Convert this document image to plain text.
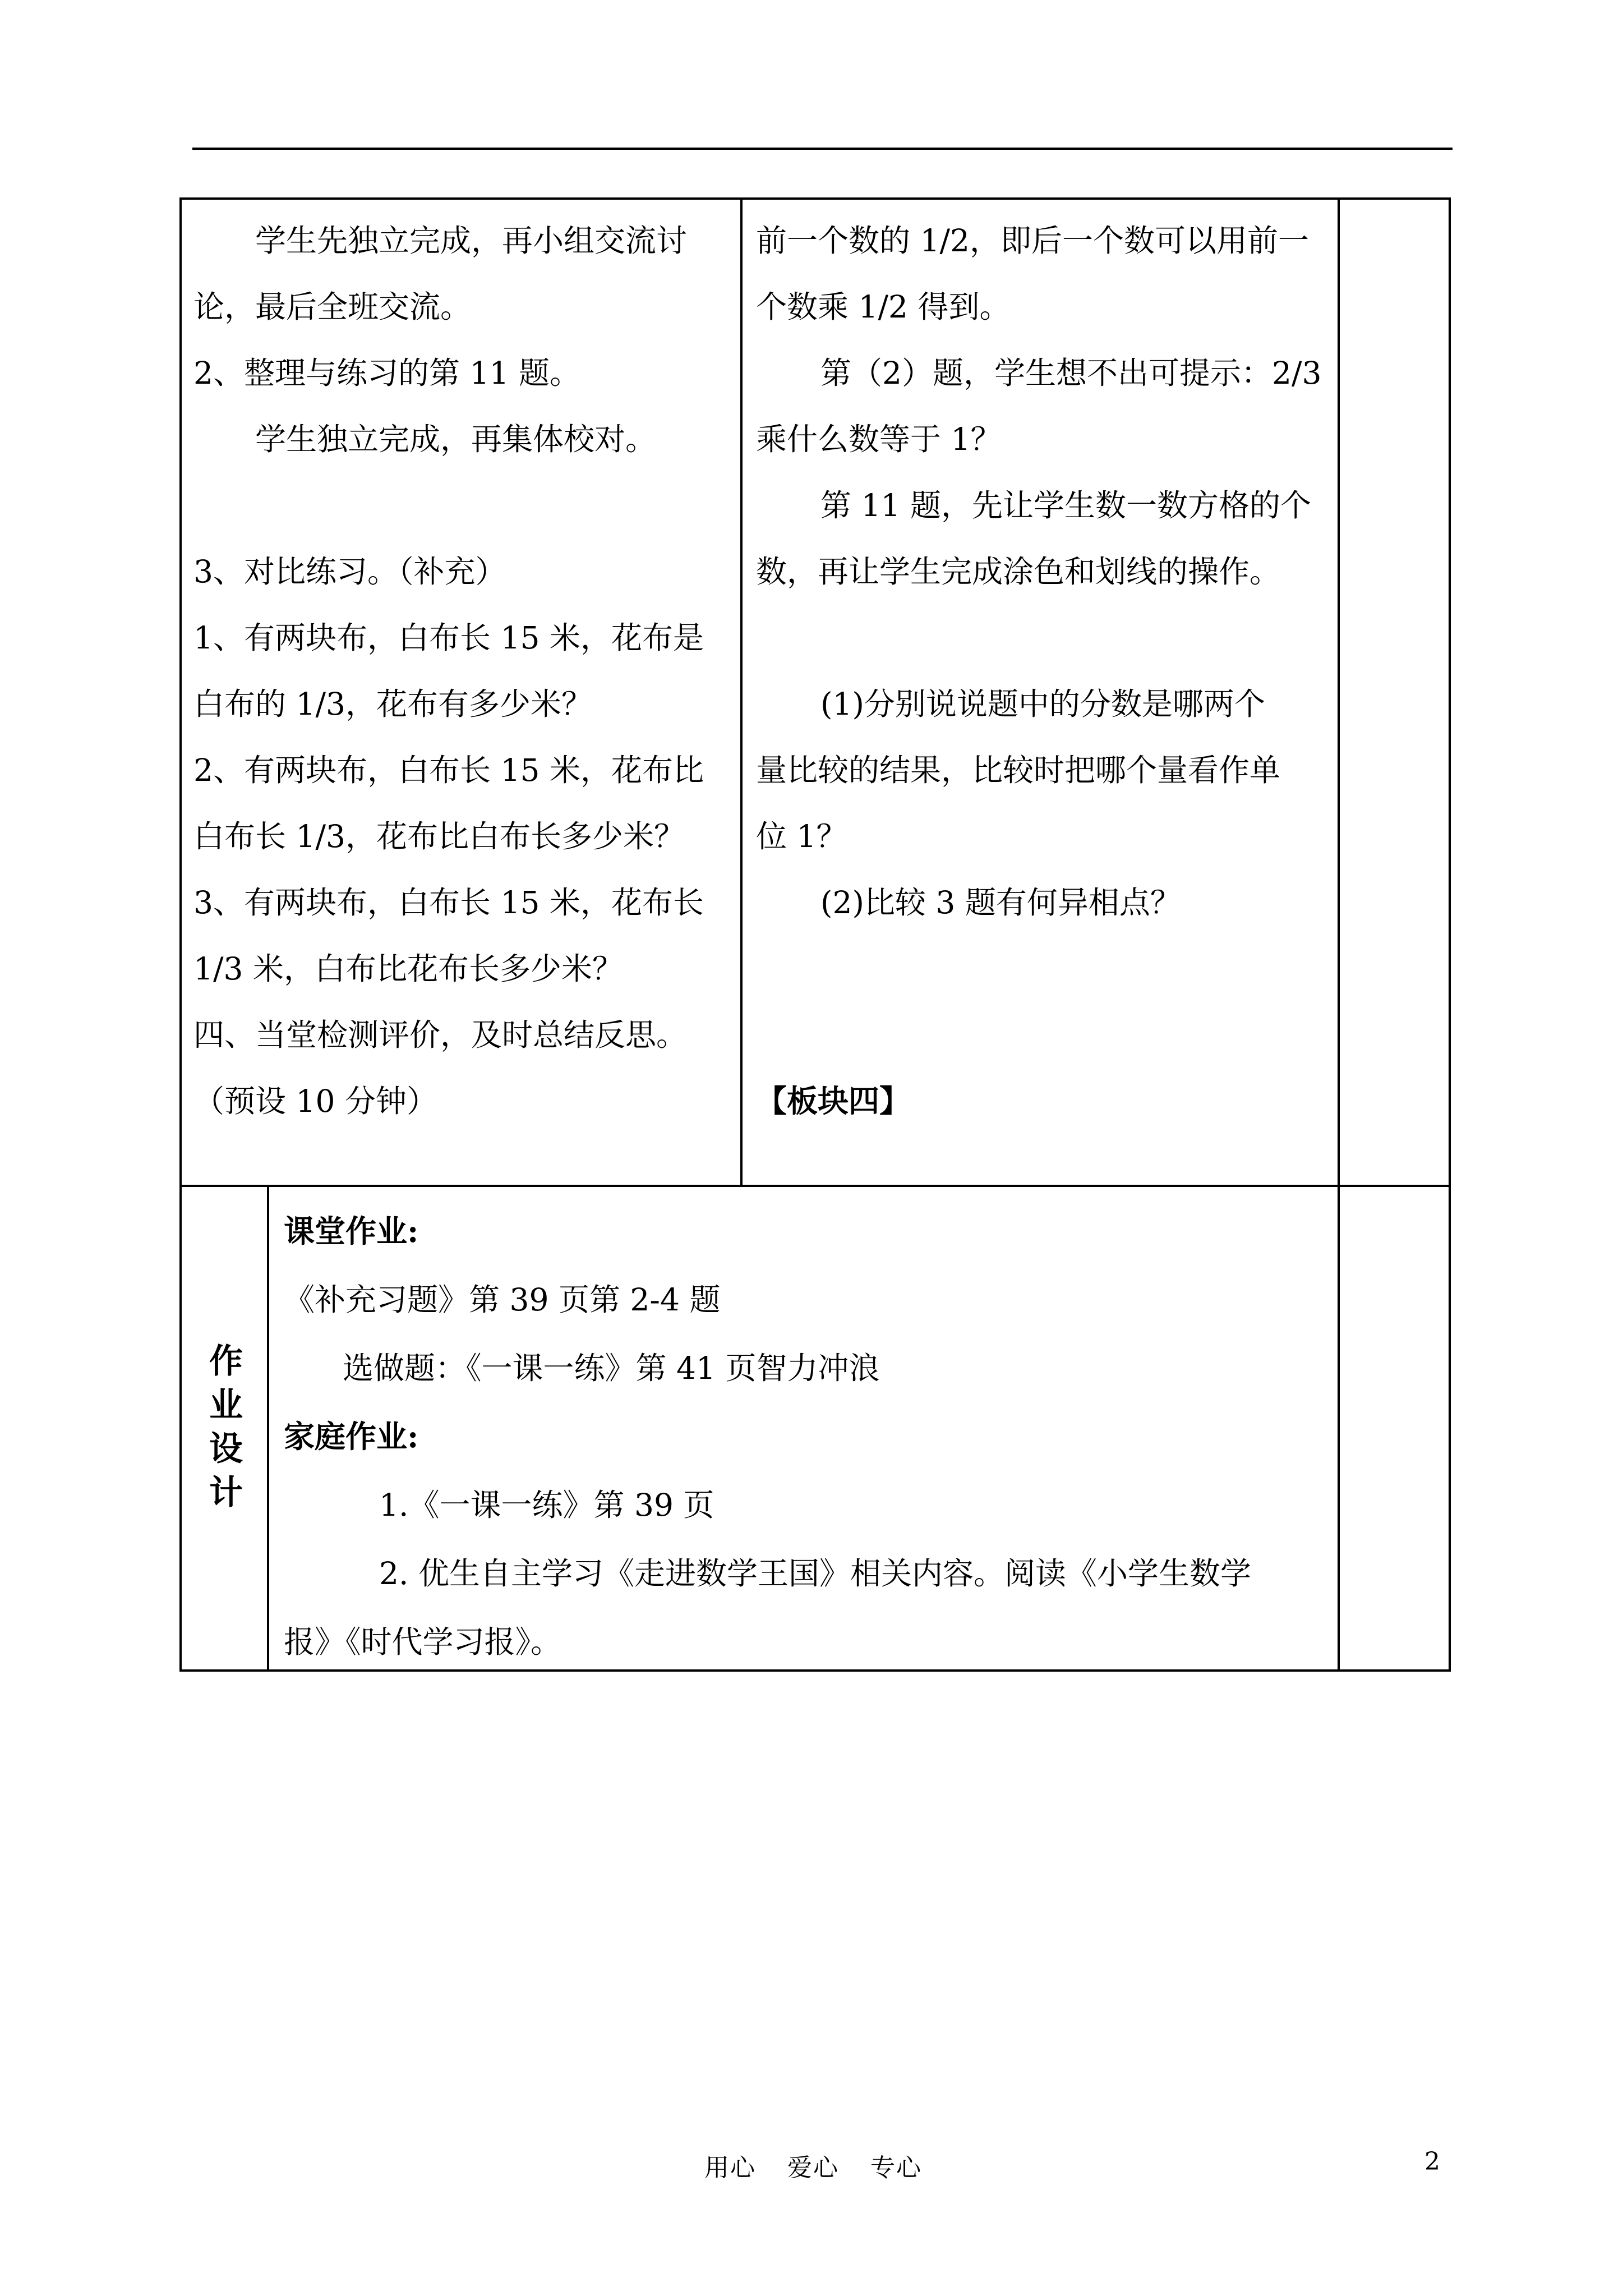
学生先独立完成，再小组交流讨

论，最后全班交流。

2、整理与练习的第 11 题。

学生独立完成，再集体校对。

3、对比练习。（补充）

1、有两块布，白布长 15 米，花布是

白布的 1/3，花布有多少米？

2、有两块布，白布长 15 米，花布比

白布长 1/3，花布比白布长多少米？

3、有两块布，白布长 15 米，花布长

1/3 米，白布比花布长多少米？

四、当堂检测评价，及时总结反思。

（预设 10 分钟）

前一个数的 1/2，即后一个数可以用前一

个数乘 1/2 得到。

第（2）题，学生想不出可提示：2/3

乘什么数等于 1？

第 11 题，先让学生数一数方格的个

数，再让学生完成涂色和划线的操作。

(1)分别说说题中的分数是哪两个

量比较的结果，比较时把哪个量看作单

位 1？

(2)比较 3 题有何异相点？

【板块四】

作
业
设
计

课堂作业:

《补充习题》第 39 页第 2-4 题

选做题：《一课一练》第 41 页智力冲浪

家庭作业:

1.《一课一练》第 39 页

2. 优生自主学习《走进数学王国》相关内容。阅读《小学生数学

报》《时代学习报》。

用心 爱心 专心	2
